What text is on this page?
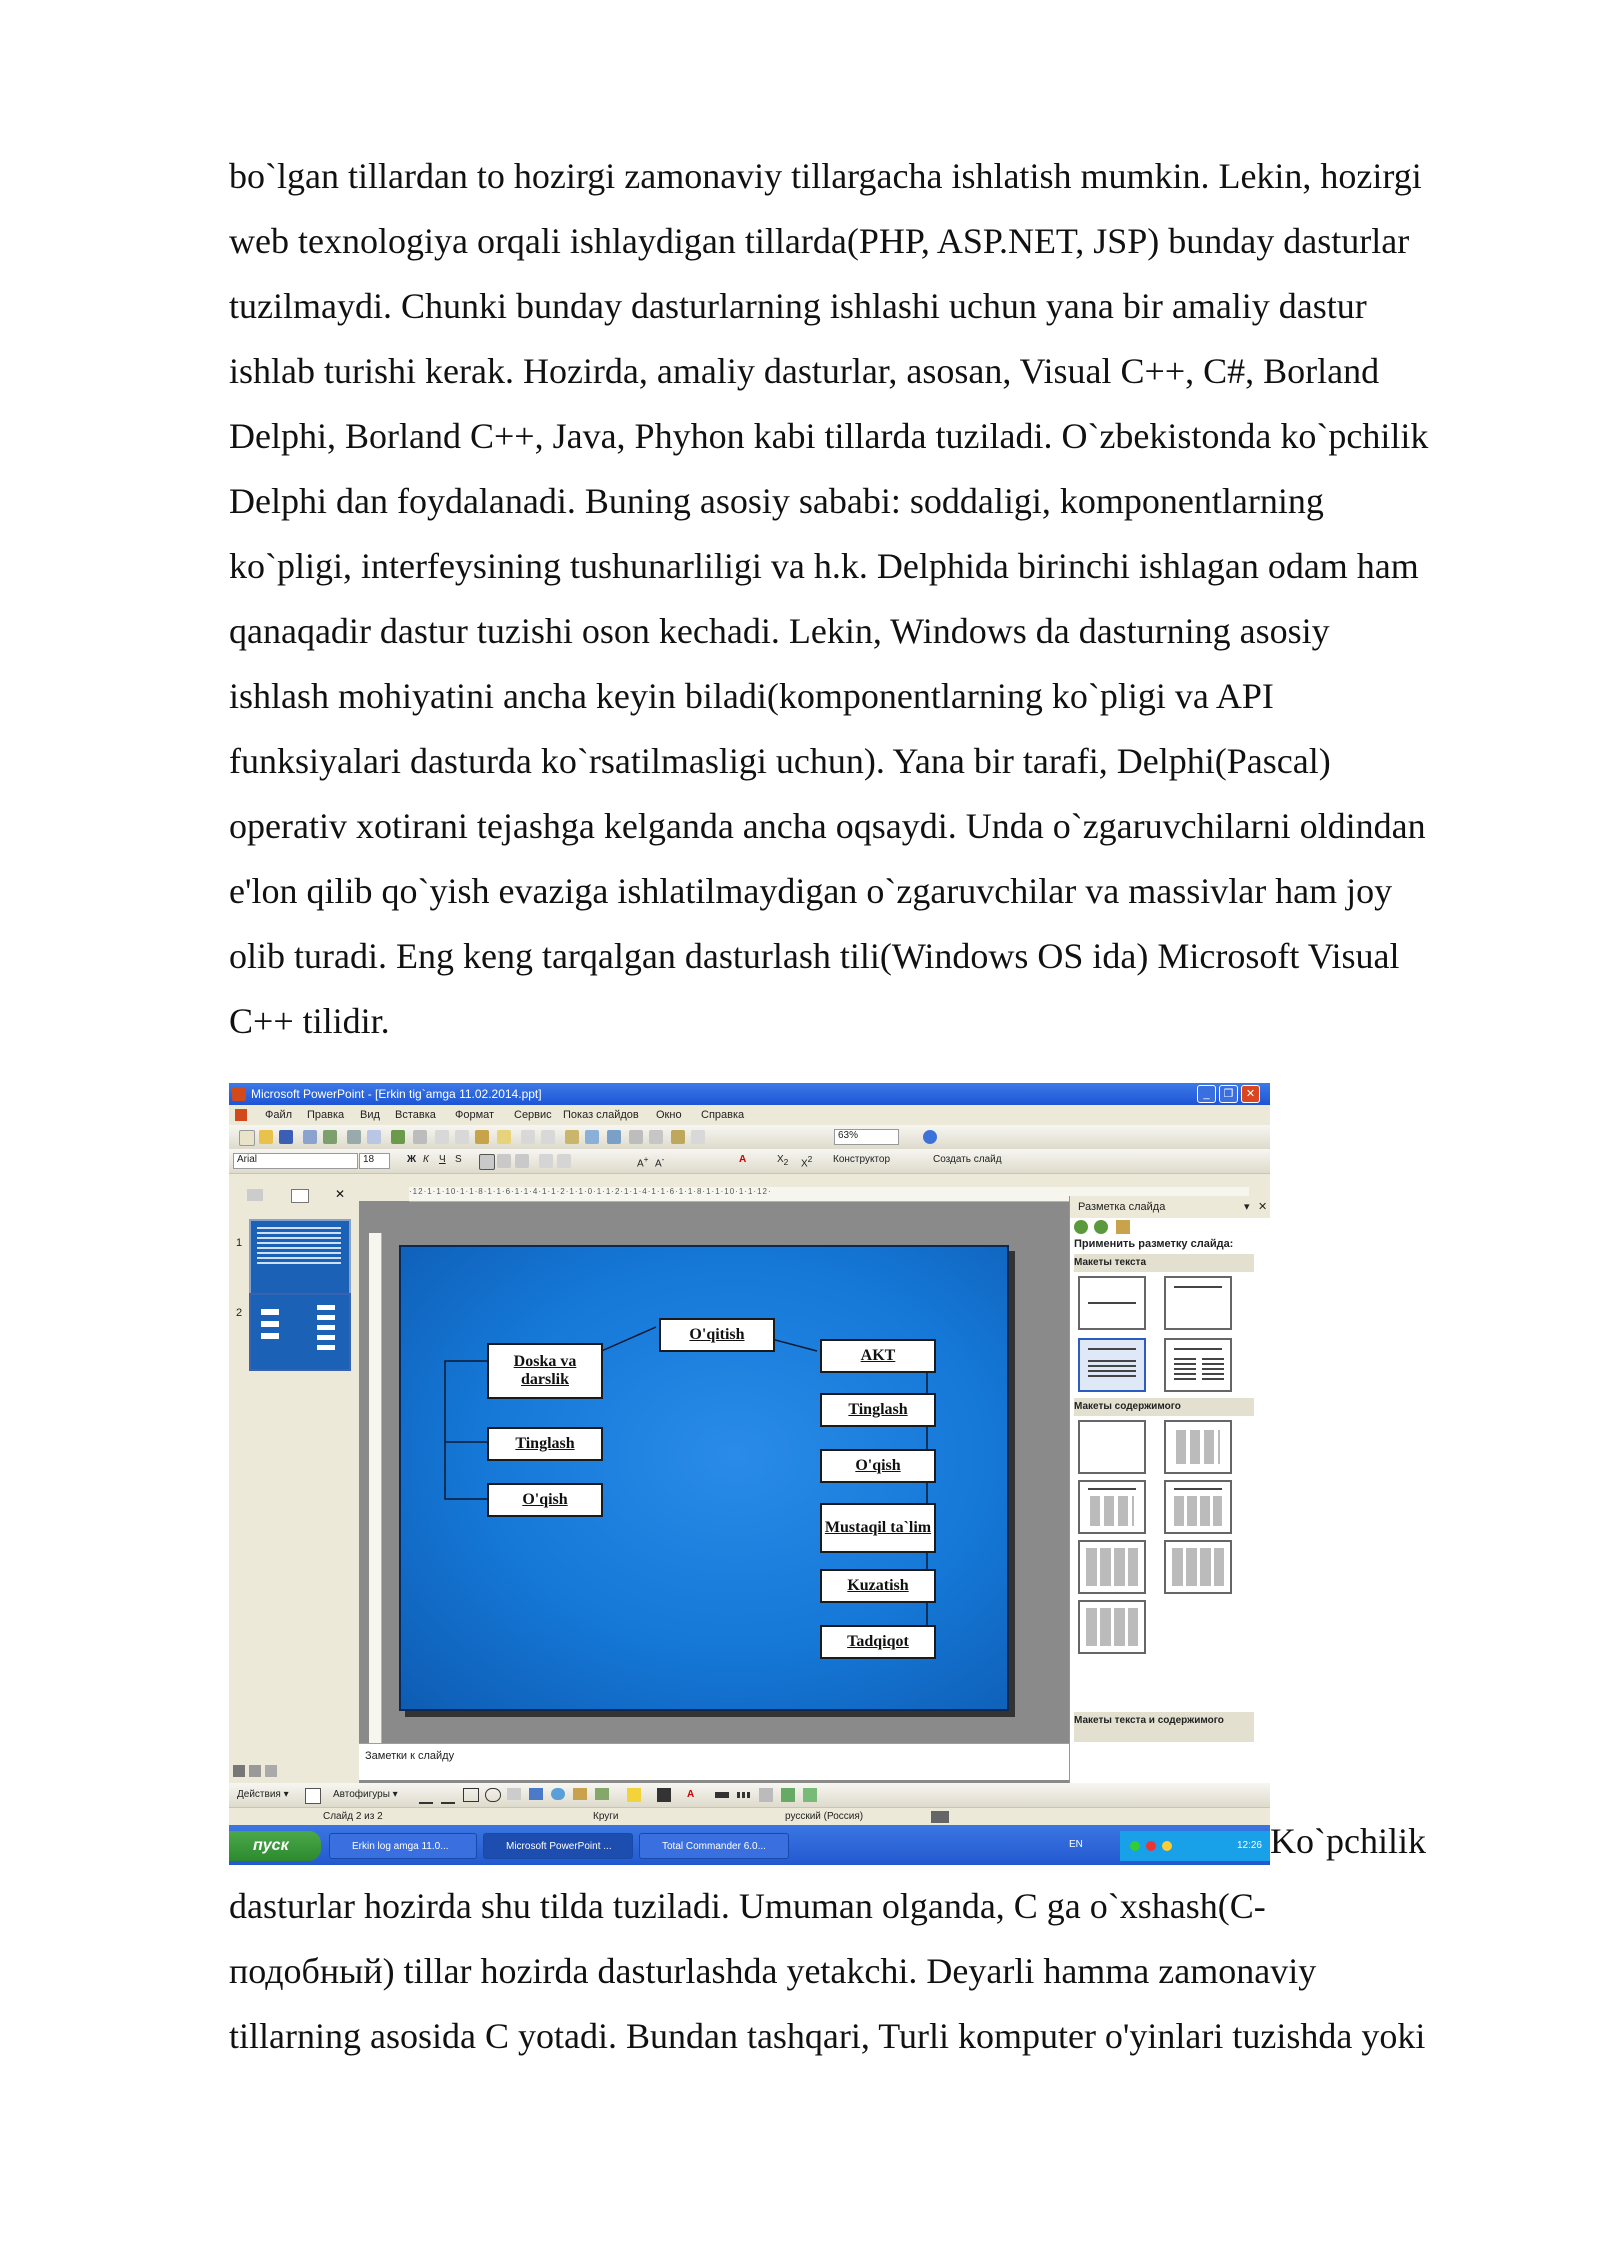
bo`lgan tillardan to hozirgi zamonaviy tillargacha ishlatish mumkin. Lekin, hozirgi
web texnologiya orqali ishlaydigan tillarda(PHP, ASP.NET, JSP) bunday dasturlar
tuzilmaydi. Chunki bunday dasturlarning ishlashi uchun yana bir amaliy dastur
ishlab turishi kerak. Hozirda, amaliy dasturlar, asosan, Visual C++, C#, Borland
Delphi, Borland C++, Java, Phyhon kabi tillarda tuziladi. O`zbekistonda ko`pchilik
Delphi dan foydalanadi. Buning asosiy sababi: soddaligi, komponentlarning
ko`pligi, interfeysining tushunarliligi va h.k. Delphida birinchi ishlagan odam ham
qanaqadir dastur tuzishi oson kechadi. Lekin, Windows da dasturning asosiy
ishlash mohiyatini ancha keyin biladi(komponentlarning ko`pligi va API
funksiyalari dasturda ko`rsatilmasligi uchun). Yana bir tarafi, Delphi(Pascal)
operativ xotirani tejashga kelganda ancha oqsaydi. Unda o`zgaruvchilarni oldindan
e'lon qilib qo`yish evaziga ishlatilmaydigan o`zgaruvchilar va massivlar ham joy
olib turadi. Eng keng tarqalgan dasturlash tili(Windows OS ida) Microsoft Visual
C++ tilidir.
Microsoft PowerPoint - [Erkin tig`amga 11.02.2014.ppt]	_	❐	✕
Файл Правка Вид Вставка Формат Сервис Показ слайдов Окно Справка
63%
Arial	18	Ж К Ч S	A+ A-	A	$X_2$ $X^2$ Конструктор	Создать слайд
✕
1
2
·12·1·1·10·1·1·8·1·1·6·1·1·4·1·1·2·1·1·0·1·1·2·1·1·4·1·1·6·1·1·8·1·1·10·1·1·12·
O'qitish
Doska va darslik
Tinglash
O'qish
AKT
Tinglash
O'qish
Mustaqil ta`lim
Kuzatish
Tadqiqot
Разметка слайда	▾ ✕
Применить разметку слайда:
Макеты текста
Макеты содержимого
Макеты текста и содержимого
Заметки к слайду
Действия ▾	Автофигуры ▾	A
Слайд 2 из 2	Круги	русский (Россия)
пуск	Erkin log amga 11.0...	Microsoft PowerPoint ...	Total Commander 6.0...	EN	12:26 Ko`pchilik
dasturlar hozirda shu tilda tuziladi. Umuman olganda, C ga o`xshash(C-
подобный) tillar hozirda dasturlashda yetakchi. Deyarli hamma zamonaviy
tillarning asosida C yotadi. Bundan tashqari, Turli komputer o'yinlari tuzishda yoki
